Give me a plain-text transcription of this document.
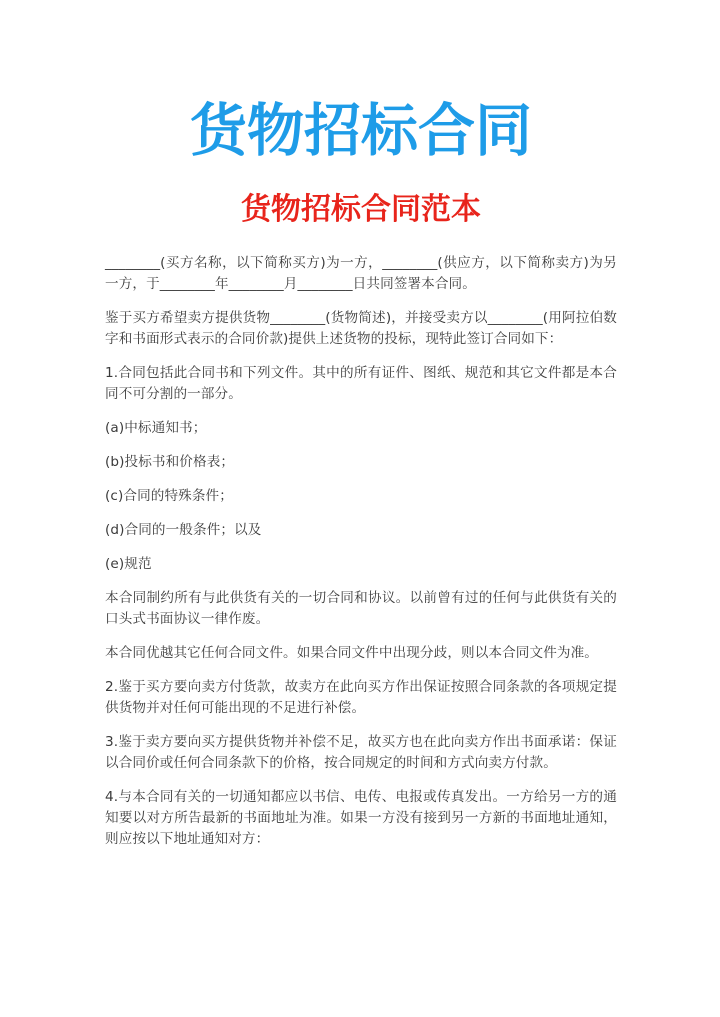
货物招标合同
货物招标合同范本

________(买方名称，以下简称买方)为一方，________(供应方，以下简称卖方)为另一方，于________年________月________日共同签署本合同。

鉴于买方希望卖方提供货物________(货物简述)，并接受卖方以________(用阿拉伯数字和书面形式表示的合同价款)提供上述货物的投标，现特此签订合同如下：

1.合同包括此合同书和下列文件。其中的所有证件、图纸、规范和其它文件都是本合同不可分割的一部分。

(a)中标通知书；

(b)投标书和价格表；

(c)合同的特殊条件；

(d)合同的一般条件；以及

(e)规范

本合同制约所有与此供货有关的一切合同和协议。以前曾有过的任何与此供货有关的口头式书面协议一律作废。

本合同优越其它任何合同文件。如果合同文件中出现分歧，则以本合同文件为准。

2.鉴于买方要向卖方付货款，故卖方在此向买方作出保证按照合同条款的各项规定提供货物并对任何可能出现的不足进行补偿。

3.鉴于卖方要向买方提供货物并补偿不足，故买方也在此向卖方作出书面承诺：保证以合同价或任何合同条款下的价格，按合同规定的时间和方式向卖方付款。

4.与本合同有关的一切通知都应以书信、电传、电报或传真发出。一方给另一方的通知要以对方所告最新的书面地址为准。如果一方没有接到另一方新的书面地址通知，则应按以下地址通知对方：
